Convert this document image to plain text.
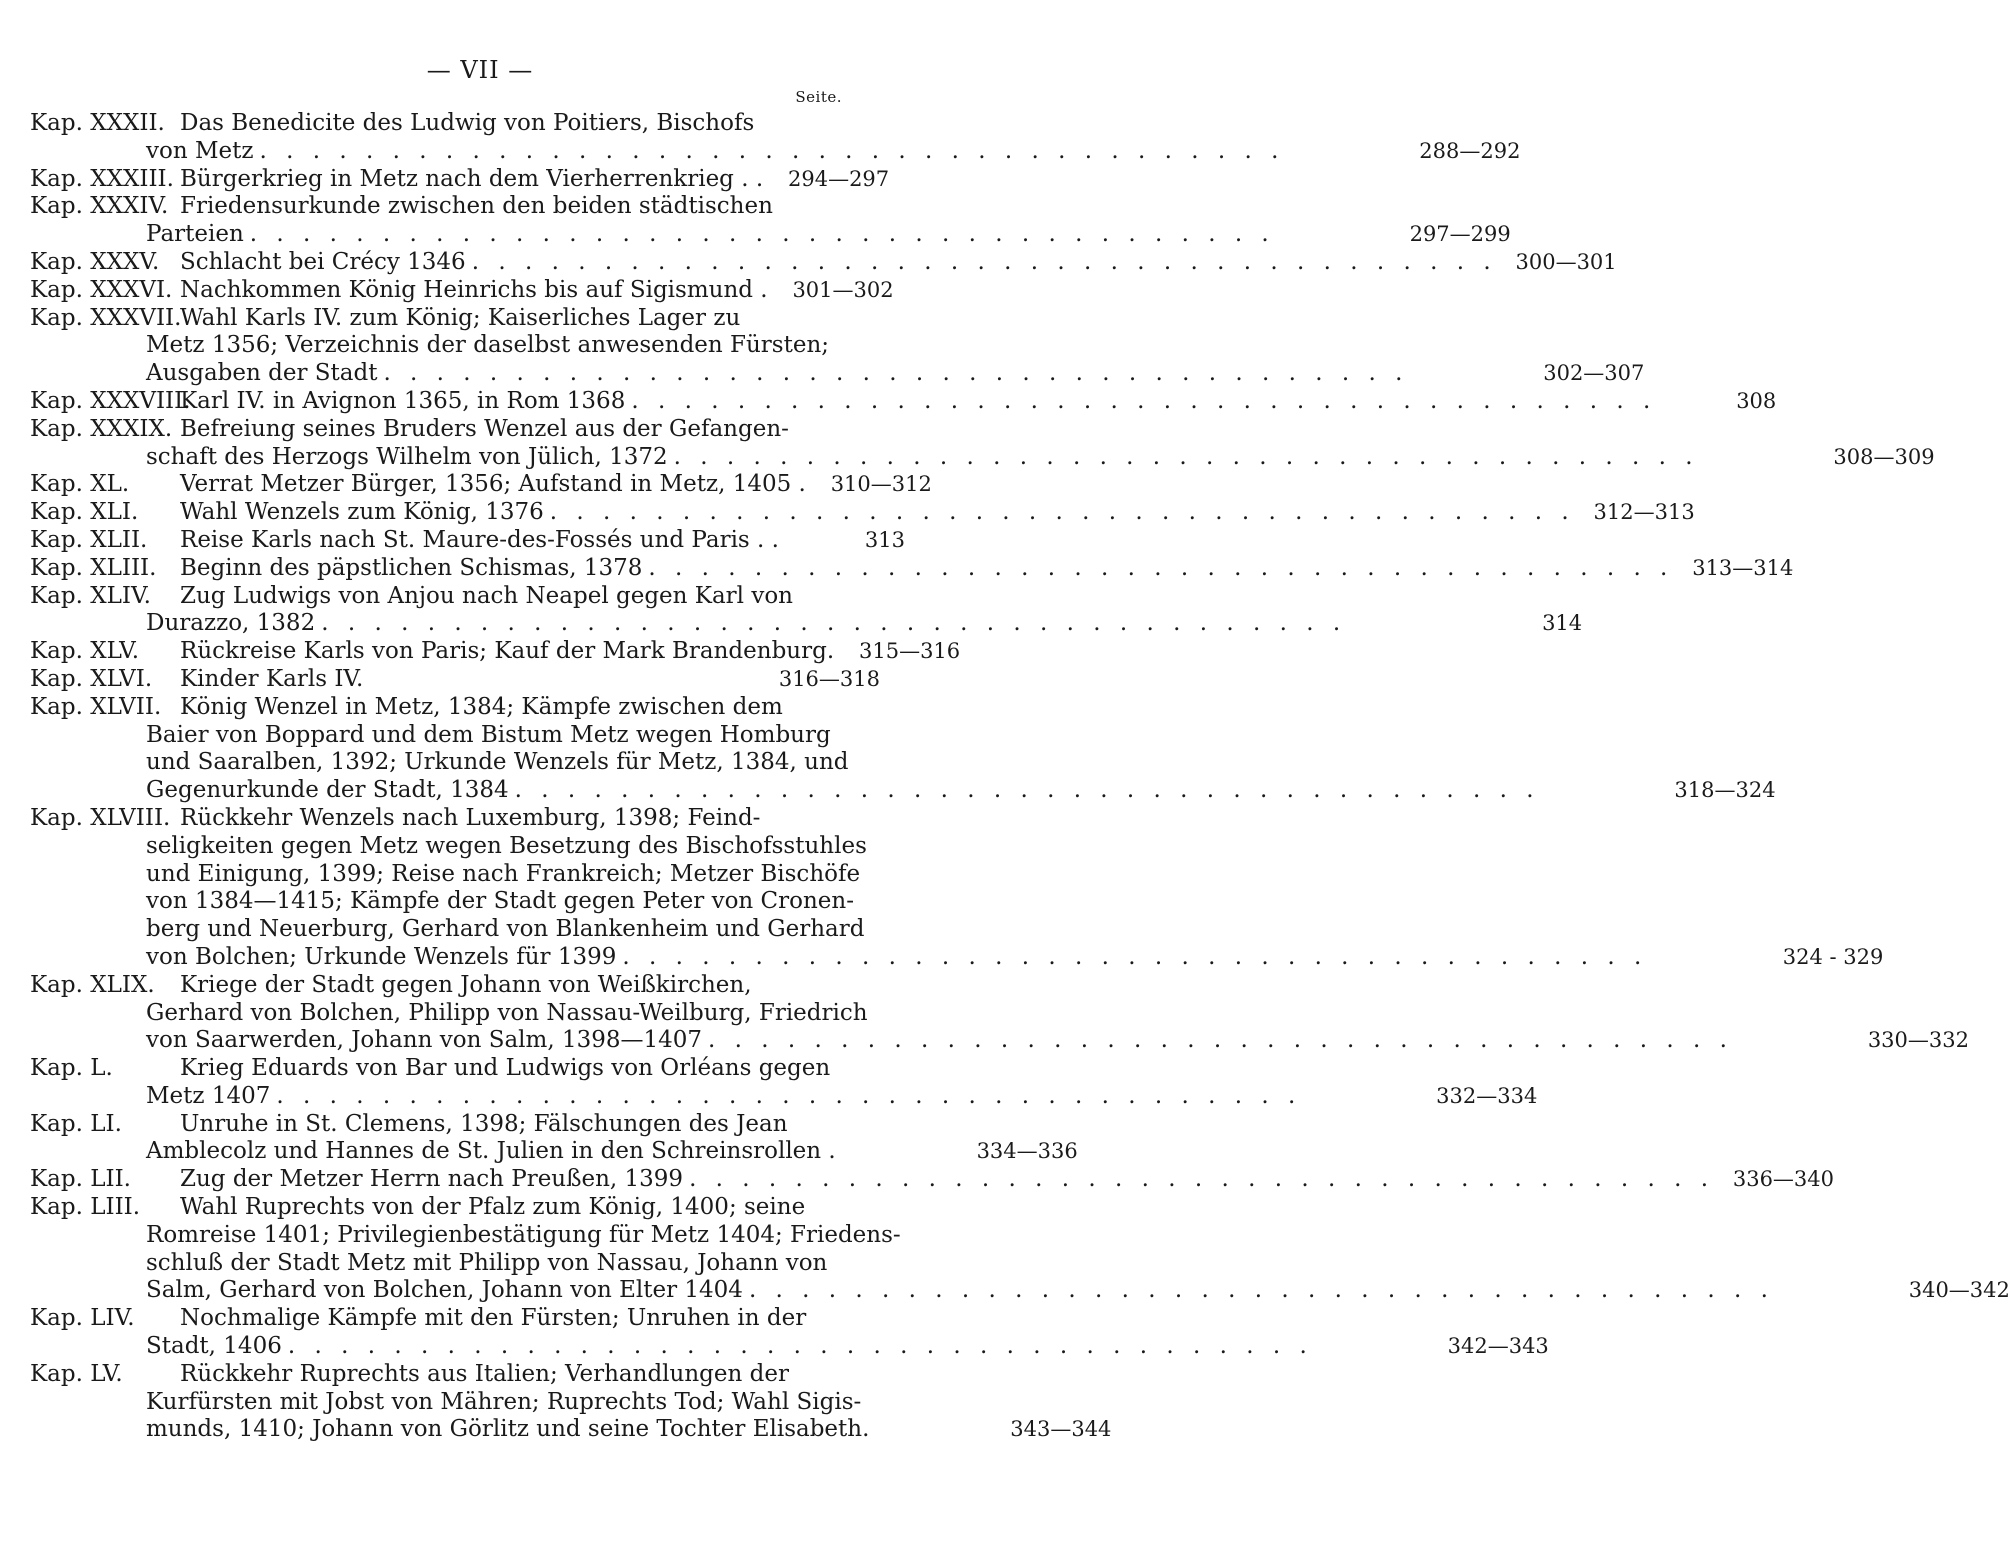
— VII —
Seite.
Kap. XXXII. Das Benedicite des Ludwig von Poitiers, Bischofs
von Metz . . . . . . . . . . . . . . . . . . . . . . . . . . . . . . . . . . . . . . .	288—292
Kap. XXXIII. Bürgerkrieg in Metz nach dem Vierherrenkrieg . .	294—297
Kap. XXXIV. Friedensurkunde zwischen den beiden städtischen
Parteien . . . . . . . . . . . . . . . . . . . . . . . . . . . . . . . . . . . . . . .	297—299
Kap. XXXV. Schlacht bei Crécy 1346 . . . . . . . . . . . . . . . . . . . . . . . . . . . . . . . . . . . . . . . 300—301
Kap. XXXVI. Nachkommen König Heinrichs bis auf Sigismund .	301—302
Kap. XXXVII.
Wahl Karls IV. zum König; Kaiserliches Lager zu
Metz 1356; Verzeichnis der daselbst anwesenden Fürsten;
Ausgaben der Stadt . . . . . . . . . . . . . . . . . . . . . . . . . . . . . . . . . . . . . . .	302—307
Kap. XXXVIII.
Karl IV. in Avignon 1365, in Rom 1368 . . . . . . . . . . . . . . . . . . . . . . . . . . . . . . . . . . . . . . .	308
Kap. XXXIX. Befreiung seines Bruders Wenzel aus der Gefangen-
schaft des Herzogs Wilhelm von Jülich, 1372 . . . . . . . . . . . . . . . . . . . . . . . . . . . . . . . . . . . . . . .	308—309
Kap. XL.	Verrat Metzer Bürger, 1356; Aufstand in Metz, 1405 .	310—312
Kap. XLI.	Wahl Wenzels zum König, 1376 . . . . . . . . . . . . . . . . . . . . . . . . . . . . . . . . . . . . . . . 312—313
Kap. XLII.	Reise Karls nach St. Maure-des-Fossés und Paris . .	313
Kap. XLIII.	Beginn des päpstlichen Schismas, 1378 . . . . . . . . . . . . . . . . . . . . . . . . . . . . . . . . . . . . . . . 313—314
Kap. XLIV.	Zug Ludwigs von Anjou nach Neapel gegen Karl von
Durazzo, 1382 . . . . . . . . . . . . . . . . . . . . . . . . . . . . . . . . . . . . . . .	314
Kap. XLV.	Rückreise Karls von Paris; Kauf der Mark Brandenburg.	315—316
Kap. XLVI.	Kinder Karls IV.	316—318
Kap. XLVII. König Wenzel in Metz, 1384; Kämpfe zwischen dem
Baier von Boppard und dem Bistum Metz wegen Homburg
und Saaralben, 1392; Urkunde Wenzels für Metz, 1384, und
Gegenurkunde der Stadt, 1384 . . . . . . . . . . . . . . . . . . . . . . . . . . . . . . . . . . . . . . .	318—324
Kap. XLVIII. Rückkehr Wenzels nach Luxemburg, 1398; Feind-
seligkeiten gegen Metz wegen Besetzung des Bischofsstuhles
und Einigung, 1399; Reise nach Frankreich; Metzer Bischöfe
von 1384—1415; Kämpfe der Stadt gegen Peter von Cronen-
berg und Neuerburg, Gerhard von Blankenheim und Gerhard
von Bolchen; Urkunde Wenzels für 1399 . . . . . . . . . . . . . . . . . . . . . . . . . . . . . . . . . . . . . . .	324 - 329
Kap. XLIX.	Kriege der Stadt gegen Johann von Weißkirchen,
Gerhard von Bolchen, Philipp von Nassau-Weilburg, Friedrich
von Saarwerden, Johann von Salm, 1398—1407 . . . . . . . . . . . . . . . . . . . . . . . . . . . . . . . . . . . . . . .	330—332
Kap. L.	Krieg Eduards von Bar und Ludwigs von Orléans gegen
Metz 1407 . . . . . . . . . . . . . . . . . . . . . . . . . . . . . . . . . . . . . . .	332—334
Kap. LI.	Unruhe in St. Clemens, 1398; Fälschungen des Jean
Amblecolz und Hannes de St. Julien in den Schreinsrollen .	334—336
Kap. LII.	Zug der Metzer Herrn nach Preußen, 1399 . . . . . . . . . . . . . . . . . . . . . . . . . . . . . . . . . . . . . . . 336—340
Kap. LIII.	Wahl Ruprechts von der Pfalz zum König, 1400; seine
Romreise 1401; Privilegienbestätigung für Metz 1404; Friedens-
schluß der Stadt Metz mit Philipp von Nassau, Johann von
Salm, Gerhard von Bolchen, Johann von Elter 1404 . . . . . . . . . . . . . . . . . . . . . . . . . . . . . . . . . . . . . . .	340—342
Kap. LIV.	Nochmalige Kämpfe mit den Fürsten; Unruhen in der
Stadt, 1406 . . . . . . . . . . . . . . . . . . . . . . . . . . . . . . . . . . . . . . .	342—343
Kap. LV.	Rückkehr Ruprechts aus Italien; Verhandlungen der
Kurfürsten mit Jobst von Mähren; Ruprechts Tod; Wahl Sigis-
munds, 1410; Johann von Görlitz und seine Tochter Elisabeth.	343—344
